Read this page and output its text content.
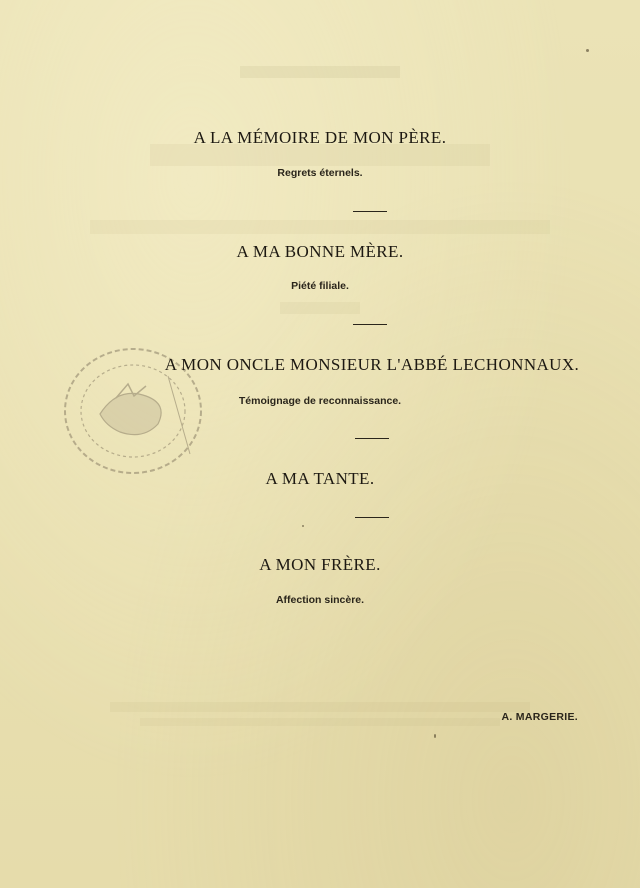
A LA MÉMOIRE DE MON PÈRE.
Regrets éternels.
A MA BONNE MÈRE.
Piété filiale.
A MON ONCLE MONSIEUR L'ABBÉ LECHONNAUX.
Témoignage de reconnaissance.
A MA TANTE.
A MON FRÈRE.
Affection sincère.
A. MARGERIE.
